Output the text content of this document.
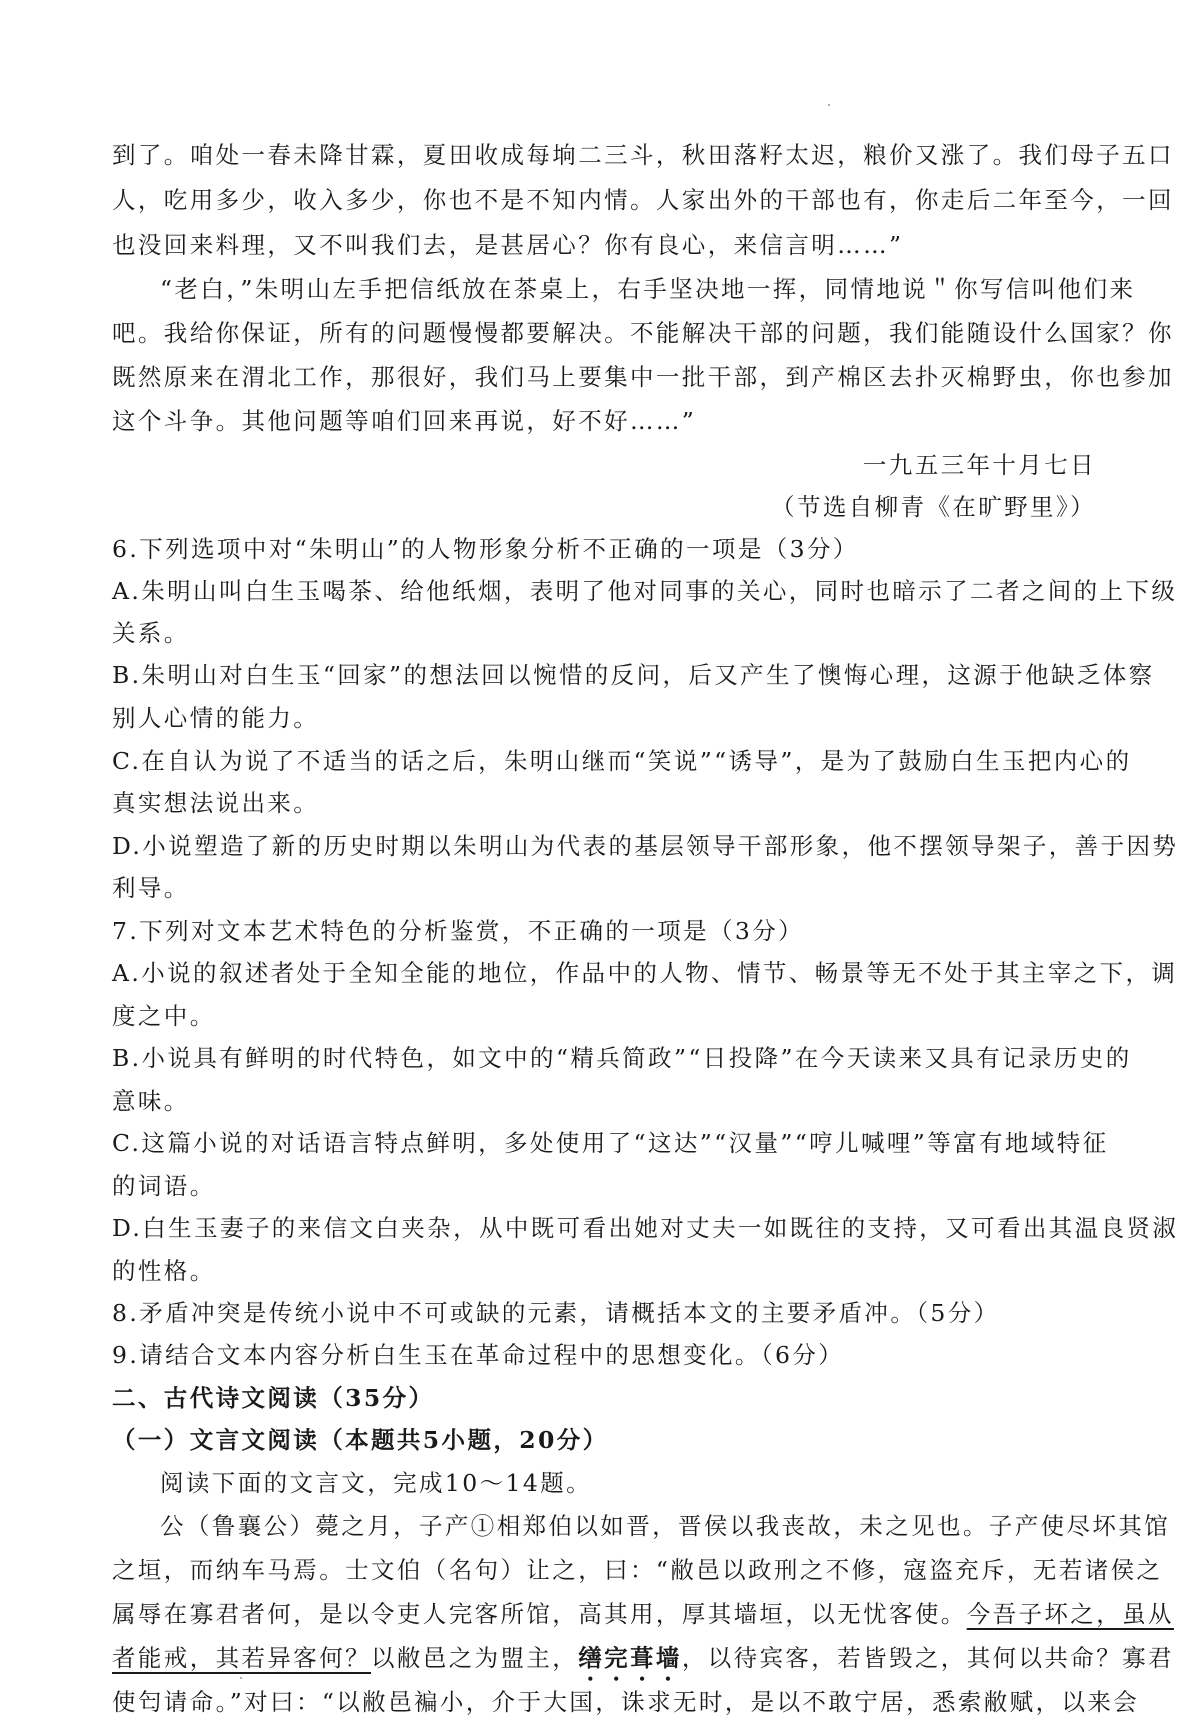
到了。咱处一春未降甘霖，夏田收成每垧二三斗，秋田落籽太迟，粮价又涨了。我们母子五口
人，吃用多少，收入多少，你也不是不知内情。人家出外的干部也有，你走后二年至今，一回
也没回来料理，又不叫我们去，是甚居心？你有良心，来信言明……”
“老白，”朱明山左手把信纸放在茶桌上，右手坚决地一挥，同情地说＂你写信叫他们来
吧。我给你保证，所有的问题慢慢都要解决。不能解决干部的问题，我们能随设什么国家？你
既然原来在渭北工作，那很好，我们马上要集中一批干部，到产棉区去扑灭棉野虫，你也参加
这个斗争。其他问题等咱们回来再说，好不好……”
一九五三年十月七日
（节选自柳青《在旷野里》）
6.下列选项中对“朱明山”的人物形象分析不正确的一项是（3分）
A.朱明山叫白生玉喝茶、给他纸烟，表明了他对同事的关心，同时也暗示了二者之间的上下级
关系。
B.朱明山对白生玉“回家”的想法回以惋惜的反问，后又产生了懊悔心理，这源于他缺乏体察
别人心情的能力。
C.在自认为说了不适当的话之后，朱明山继而“笑说”“诱导”，是为了鼓励白生玉把内心的
真实想法说出来。
D.小说塑造了新的历史时期以朱明山为代表的基层领导干部形象，他不摆领导架子，善于因势
利导。
7.下列对文本艺术特色的分析鉴赏，不正确的一项是（3分）
A.小说的叙述者处于全知全能的地位，作品中的人物、情节、畅景等无不处于其主宰之下，调
度之中。
B.小说具有鲜明的时代特色，如文中的“精兵简政”“日投降”在今天读来又具有记录历史的
意味。
C.这篇小说的对话语言特点鲜明，多处使用了“这达”“汉量”“哼儿喊哩”等富有地域特征
的词语。
D.白生玉妻子的来信文白夹杂，从中既可看出她对丈夫一如既往的支持，又可看出其温良贤淑
的性格。
8.矛盾冲突是传统小说中不可或缺的元素，请概括本文的主要矛盾冲。（5分）
9.请结合文本内容分析白生玉在革命过程中的思想变化。（6分）
二、古代诗文阅读（35分）
（一）文言文阅读（本题共5小题，20分）
阅读下面的文言文，完成10～14题。
公（鲁襄公）薨之月，子产①相郑伯以如晋，晋侯以我丧故，未之见也。子产使尽坏其馆
之垣，而纳车马焉。士文伯（名句）让之，曰：“敝邑以政刑之不修，寇盗充斥，无若诸侯之
属辱在寡君者何，是以令吏人完客所馆，高其用，厚其墙垣，以无忧客使。今吾子坏之，虽从
者能戒，其若异客何？以敝邑之为盟主，缮完葺墙，以待宾客，若皆毁之，其何以共命？寡君
使匄请命。”对曰：“以敝邑褊小，介于大国，诛求无时，是以不敢宁居，悉索敝赋，以来会
